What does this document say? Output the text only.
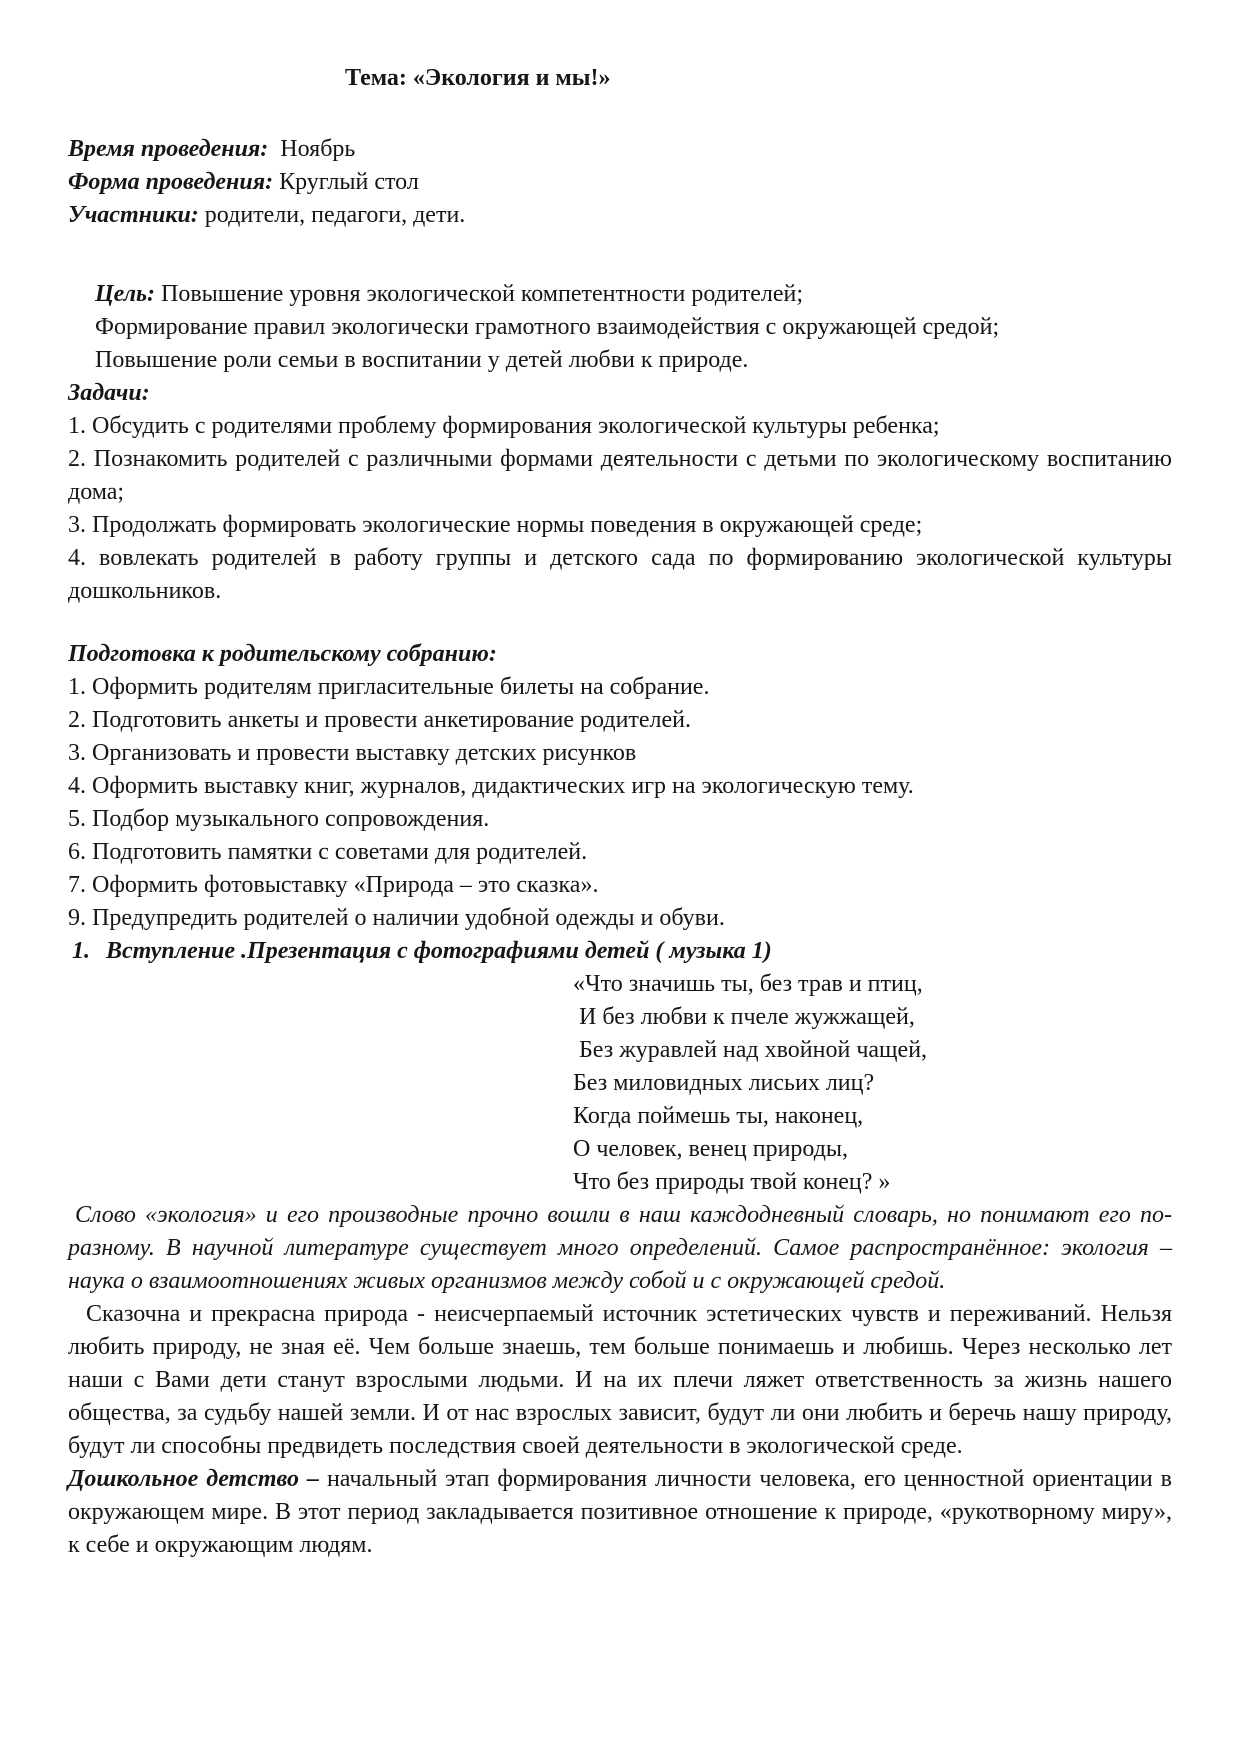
Тема: «Экология и мы!»
Время проведения:  Ноябрь
Форма проведения: Круглый стол
Участники: родители, педагоги, дети.
Цель: Повышение уровня экологической компетентности родителей;
Формирование правил экологически грамотного взаимодействия с окружающей средой;
Повышение роли семьи в воспитании у детей любви к природе.
Задачи:
1. Обсудить с родителями проблему формирования экологической культуры ребенка;
2. Познакомить родителей с различными формами деятельности с детьми по экологическому воспитанию дома;
3. Продолжать формировать экологические нормы поведения в окружающей среде;
4. вовлекать родителей в работу группы и детского сада по формированию экологической культуры дошкольников.
Подготовка к родительскому собранию:
1. Оформить родителям пригласительные билеты на собрание.
2. Подготовить анкеты и провести анкетирование родителей.
3. Организовать и провести выставку детских рисунков
4. Оформить выставку книг, журналов, дидактических игр на экологическую тему.
5. Подбор музыкального сопровождения.
6. Подготовить памятки с советами для родителей.
7. Оформить фотовыставку «Природа – это сказка».
9. Предупредить родителей о наличии удобной одежды и обуви.
1. Вступление .Презентация с фотографиями детей ( музыка 1)
«Что значишь ты, без трав и птиц,
И без любви к пчеле жужжащей,
Без журавлей над хвойной чащей,
Без миловидных лисьих лиц?
Когда поймешь ты, наконец,
О человек, венец природы,
Что без природы твой конец? »

Слово «экология» и его производные прочно вошли в наш каждодневный словарь, но понимают его по-разному. В научной литературе существует много определений. Самое распространённое: экология – наука о взаимоотношениях живых организмов между собой и с окружающей средой.

Сказочна и прекрасна природа - неисчерпаемый источник эстетических чувств и переживаний. Нельзя любить природу, не зная её. Чем больше знаешь, тем больше понимаешь и любишь. Через несколько лет наши с Вами дети станут взрослыми людьми. И на их плечи ляжет ответственность за жизнь нашего общества, за судьбу нашей земли. И от нас взрослых зависит, будут ли они любить и беречь нашу природу, будут ли способны предвидеть последствия своей деятельности в экологической среде.

Дошкольное детство – начальный этап формирования личности человека, его ценностной ориентации в окружающем мире. В этот период закладывается позитивное отношение к природе, «рукотворному миру», к себе и окружающим людям.
